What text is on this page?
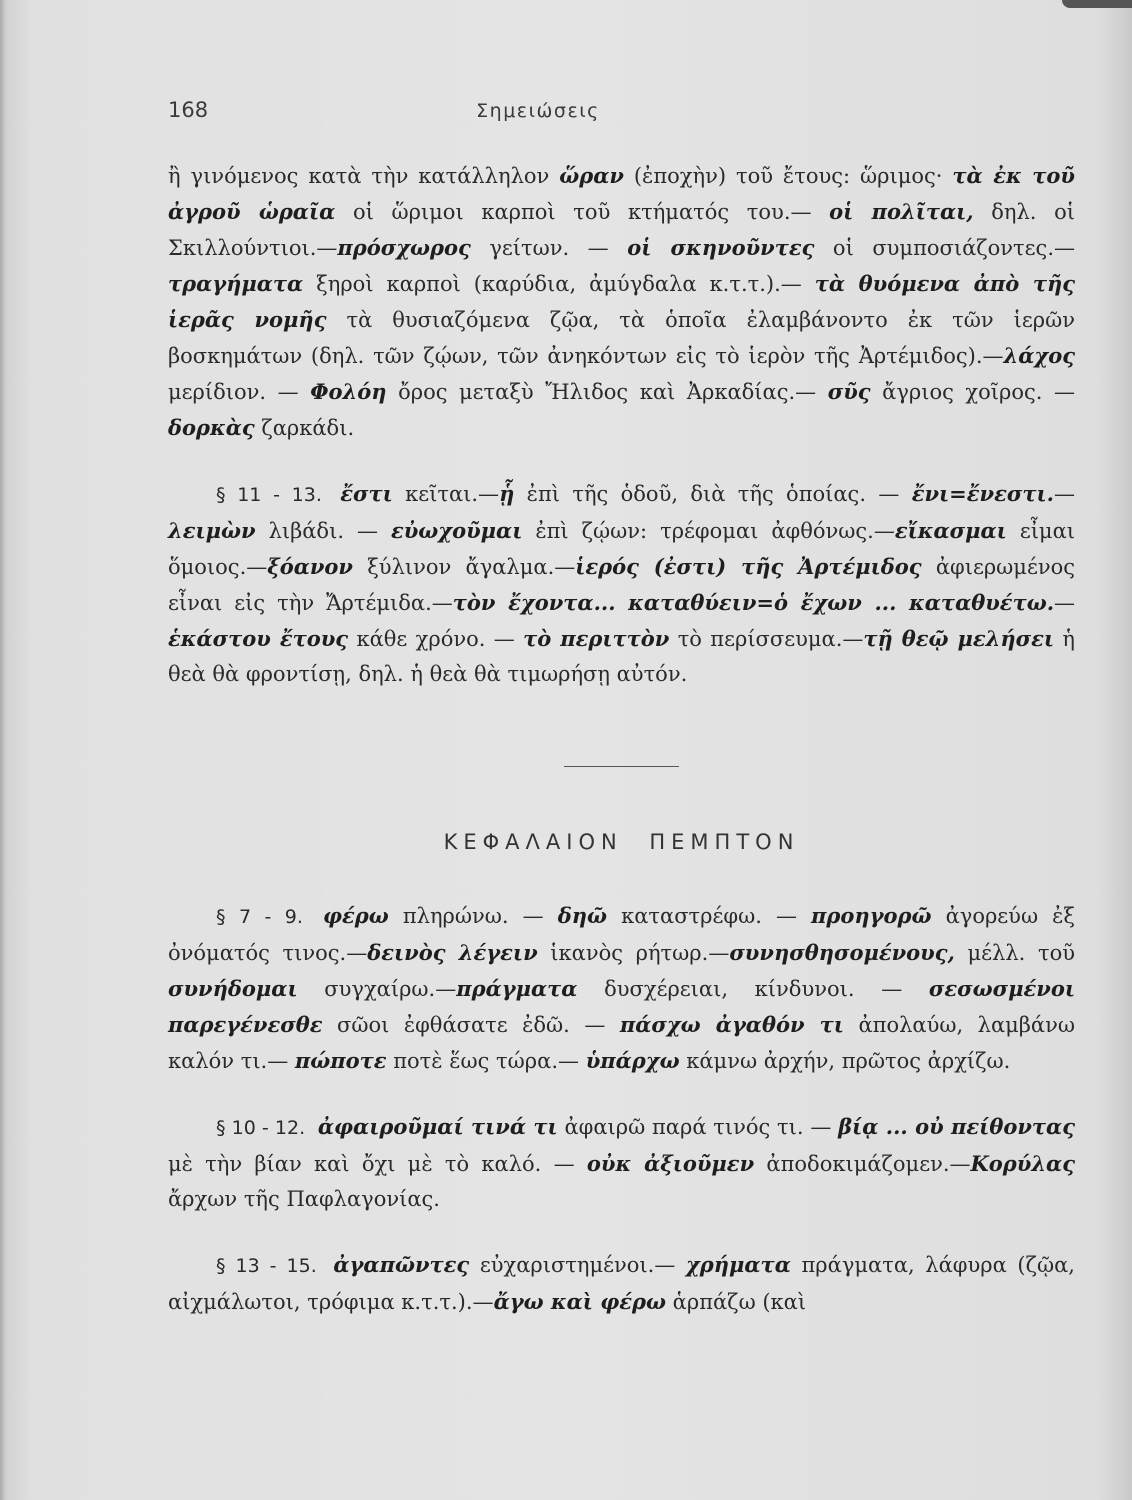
168	Σημειώσεις

ἢ γινόμενος κατὰ τὴν κατάλληλον ὥραν (ἐποχὴν) τοῦ ἔτους: ὥριμος· τὰ ἐκ τοῦ ἀγροῦ ὡραῖα οἱ ὥριμοι καρποὶ τοῦ κτήματός του.— οἱ πολῖται, δηλ. οἱ Σκιλλούντιοι.—πρόσχωρος γείτων. — οἱ σκηνοῦντες οἱ συμποσιάζοντες.—τραγήματα ξηροὶ καρποὶ (καρύδια, ἀμύγδαλα κ.τ.τ.).— τὰ θυόμενα ἀπὸ τῆς ἱερᾶς νομῆς τὰ θυσιαζόμενα ζῷα, τὰ ὁποῖα ἐλαμβάνοντο ἐκ τῶν ἱερῶν βοσκημάτων (δηλ. τῶν ζῴων, τῶν ἀνηκόντων εἰς τὸ ἱερὸν τῆς Ἀρτέμιδος).—λάχος μερίδιον. — Φολόη ὄρος μεταξὺ Ἤλιδος καὶ Ἀρκαδίας.— σῦς ἄγριος χοῖρος. — δορκὰς ζαρκάδι.

§ 11 - 13. ἔστι κεῖται.—ᾗ ἐπὶ τῆς ὁδοῦ, διὰ τῆς ὁποίας. — ἔνι=ἔνεστι.—λειμὼν λιβάδι. — εὐωχοῦμαι ἐπὶ ζῴων: τρέφομαι ἀφθόνως.—εἴκασμαι εἶμαι ὅμοιος.—ξόανον ξύλινον ἄγαλμα.—ἱερός (ἐστι) τῆς Ἀρτέμιδος ἀφιερωμένος εἶναι εἰς τὴν Ἄρτέμιδα.—τὸν ἔχοντα... καταθύειν=ὁ ἔχων ... καταθυέτω.—ἑκάστου ἔτους κάθε χρόνο. — τὸ περιττὸν τὸ περίσσευμα.—τῇ θεῷ μελήσει ἡ θεὰ θὰ φροντίσῃ, δηλ. ἡ θεὰ θὰ τιμωρήσῃ αὐτόν.

ΚΕΦΑΛΑΙΟΝ ΠΕΜΠΤΟΝ

§ 7 - 9. φέρω πληρώνω. — δηῶ καταστρέφω. — προηγορῶ ἀγορεύω ἐξ ὀνόματός τινος.—δεινὸς λέγειν ἱκανὸς ρήτωρ.—συνησθησομένους, μέλλ. τοῦ συνήδομαι συγχαίρω.—πράγματα δυσχέρειαι, κίνδυνοι. — σεσωσμένοι παρεγένεσθε σῶοι ἐφθάσατε ἐδῶ. — πάσχω ἀγαθόν τι ἀπολαύω, λαμβάνω καλόν τι.— πώποτε ποτὲ ἕως τώρα.— ὑπάρχω κάμνω ἀρχήν, πρῶτος ἀρχίζω.

§ 10 - 12. ἀφαιροῦμαί τινά τι ἀφαιρῶ παρά τινός τι. — βίᾳ ... οὐ πείθοντας μὲ τὴν βίαν καὶ ὄχι μὲ τὸ καλό. — οὐκ ἀξιοῦμεν ἀποδοκιμάζομεν.—Κορύλας ἄρχων τῆς Παφλαγονίας.

§ 13 - 15. ἀγαπῶντες εὐχαριστημένοι.— χρήματα πράγματα, λάφυρα (ζῷα, αἰχμάλωτοι, τρόφιμα κ.τ.τ.).—ἄγω καὶ φέρω ἁρπάζω (καὶ
